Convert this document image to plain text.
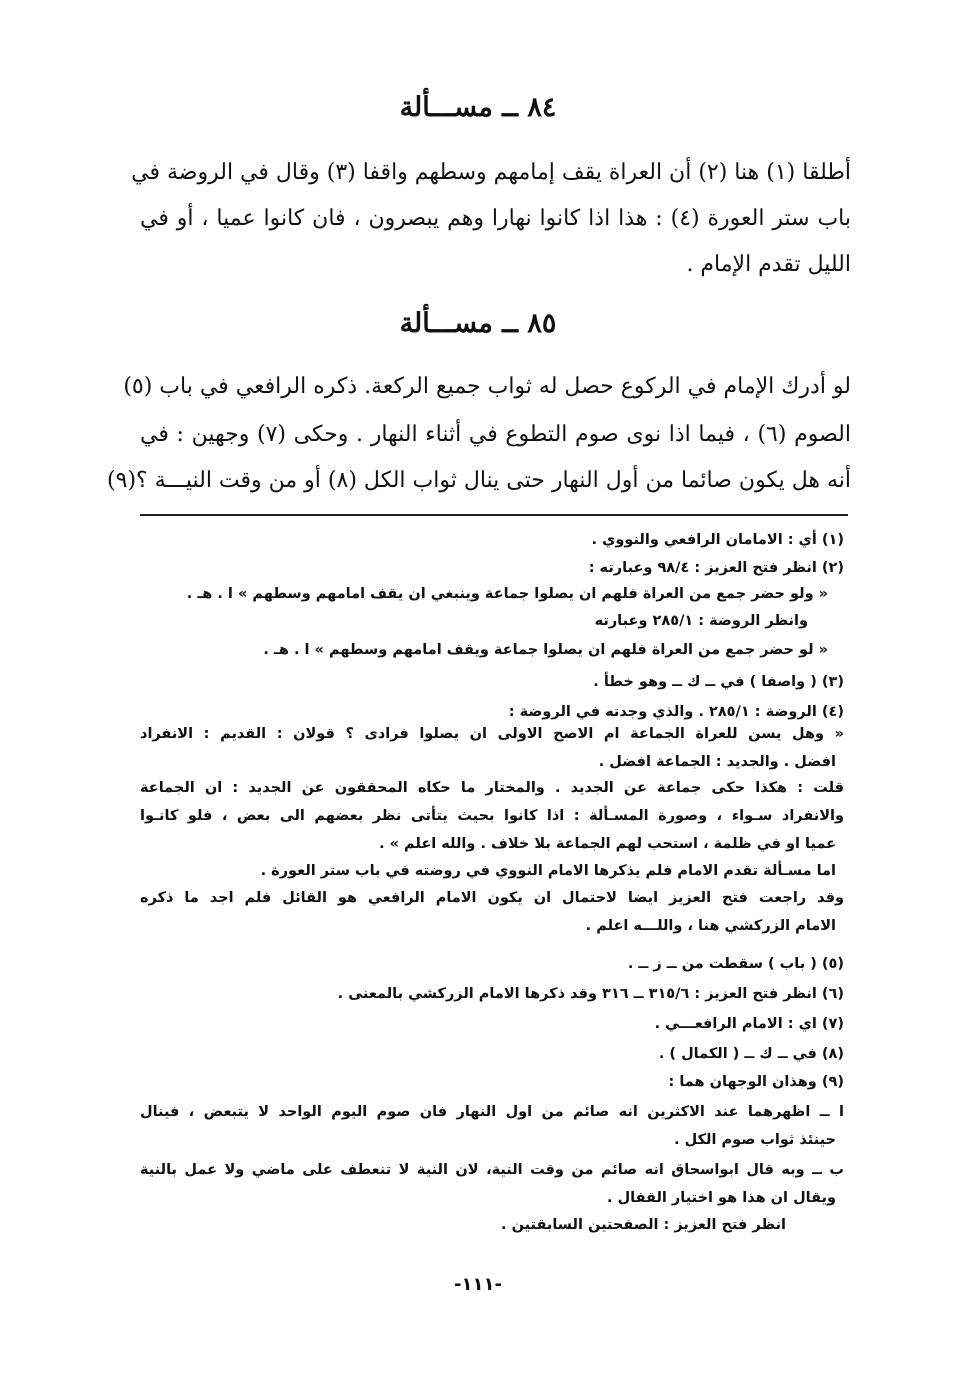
٨٤ ــ مســـألة
أطلقا (١) هنا (٢) أن العراة يقف إمامهم وسطهم واقفا (٣) وقال في الروضة في
باب ستر العورة (٤) : هذا اذا كانوا نهارا وهم يبصرون ، فان كانوا عميا ، أو في
الليل تقدم الإمام .
٨٥ ــ مســـألة
لو أدرك الإمام في الركوع حصل له ثواب جميع الركعة. ذكره الرافعي في باب (٥)
الصوم (٦) ، فيما اذا نوى صوم التطوع في أثناء النهار . وحكى (٧) وجهين : في
أنه هل يكون صائما من أول النهار حتى ينال ثواب الكل (٨) أو من وقت النيـــة ؟(٩)
(١) أي : الامامان الرافعي والنووي .
(٢) انظر فتح العزيز : ٩٨/٤ وعبارته :
« ولو حضر جمع من العراة فلهم ان يصلوا جماعة وينبغي ان يقف امامهم وسطهم » ا . هـ .
وانظر الروضة : ٢٨٥/١ وعبارته
« لو حضر جمع من العراة فلهم ان يصلوا جماعة ويقف امامهم وسطهم » ا . هـ .
(٣) ( واصفا ) في ــ ك ــ وهو خطأ .
(٤) الروضة : ٢٨٥/١ . والذي وجدته في الروضة :
« وهل يسن للعراة الجماعة ام الاصح الاولى ان يصلوا فرادى ؟ قولان : القديم : الانفراد
افضل . والجديد : الجماعة افضل .
قلت : هكذا حكى جماعة عن الجديد . والمختار ما حكاه المحققون عن الجديد : ان الجماعة
والانفراد سـواء ، وصورة المسـألة : اذا كانوا بحيث يتأتى نظر بعضهم الى بعض ، فلو كانـوا
عميا او في ظلمة ، استحب لهم الجماعة بلا خلاف . والله اعلم » .
اما مسـألة تقدم الامام فلم يذكرها الامام النووي في روضته في باب ستر العورة .
وقد راجعت فتح العزيز ايضا لاحتمال ان يكون الامام الرافعي هو القائل فلم اجد ما ذكره
الامام الزركشي هنا ، واللـــه اعلم .
(٥) ( باب ) سقطت من ــ ز ــ .
(٦) انظر فتح العزيز : ٣١٥/٦ ــ ٣١٦ وقد ذكرها الامام الزركشي بالمعنى .
(٧) اي : الامام الرافعـــي .
(٨) في ــ ك ــ ( الكمال ) .
(٩) وهذان الوجهان هما :
ا ــ اظهرهما عند الاكثرين انه صائم من اول النهار فان صوم اليوم الواحد لا يتبعض ، فينال
حينئذ ثواب صوم الكل .
ب ــ وبه قال ابواسحاق انه صائم من وقت النية، لان النية لا تنعطف على ماضي ولا عمل بالنية
ويقال ان هذا هو اختيار القفال .
انظر فتح العزيز : الصفحتين السابقتين .
-١١١-
